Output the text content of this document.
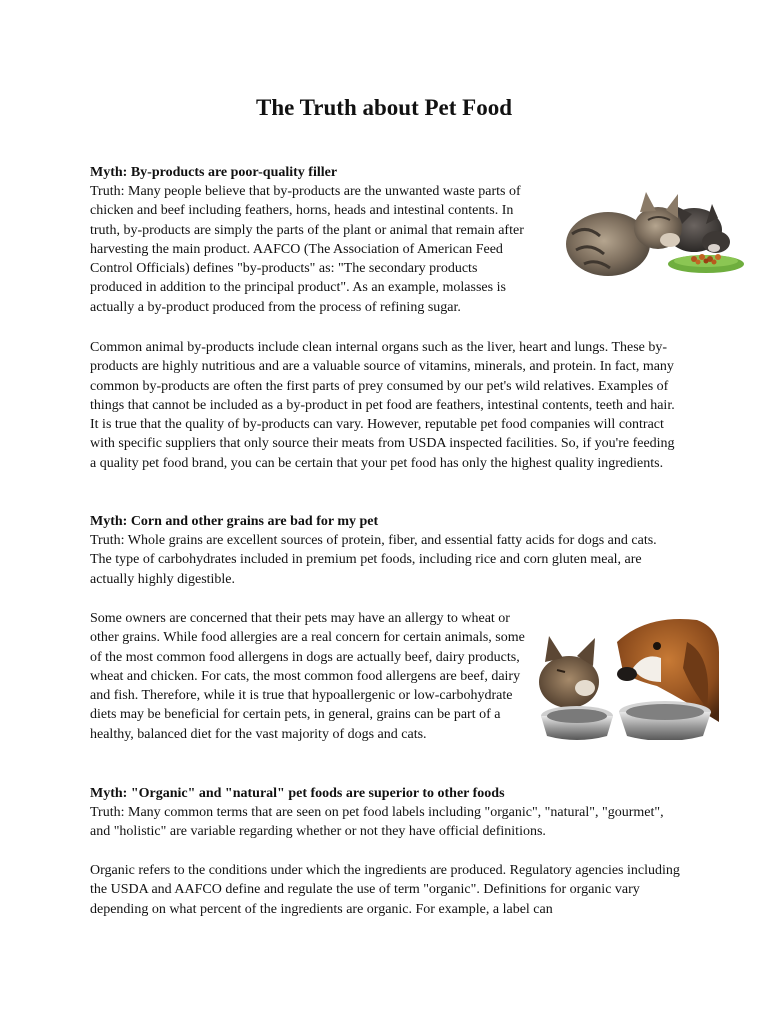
The Truth about Pet Food
Myth: By-products are poor-quality filler

Truth: Many people believe that by-products are the unwanted waste parts of chicken and beef including feathers, horns, heads and intestinal contents. In truth, by-products are simply the parts of the plant or animal that remain after harvesting the main product. AAFCO (The Association of American Feed Control Officials) defines "by-products" as: "The secondary products produced in addition to the principal product". As an example, molasses is actually a by-product produced from the process of refining sugar.

Common animal by-products include clean internal organs such as the liver, heart and lungs. These by-products are highly nutritious and are a valuable source of vitamins, minerals, and protein. In fact, many common by-products are often the first parts of prey consumed by our pet's wild relatives. Examples of things that cannot be included as a by-product in pet food are feathers, intestinal contents, teeth and hair. It is true that the quality of by-products can vary. However, reputable pet food companies will contract with specific suppliers that only source their meats from USDA inspected facilities. So, if you're feeding a quality pet food brand, you can be certain that your pet food has only the highest quality ingredients.

Myth: Corn and other grains are bad for my pet

Truth: Whole grains are excellent sources of protein, fiber, and essential fatty acids for dogs and cats. The type of carbohydrates included in premium pet foods, including rice and corn gluten meal, are actually highly digestible.

Some owners are concerned that their pets may have an allergy to wheat or other grains. While food allergies are a real concern for certain animals, some of the most common food allergens in dogs are actually beef, dairy products, wheat and chicken. For cats, the most common food allergens are beef, dairy and fish. Therefore, while it is true that hypoallergenic or low-carbohydrate diets may be beneficial for certain pets, in general, grains can be part of a healthy, balanced diet for the vast majority of dogs and cats.

Myth: "Organic" and "natural" pet foods are superior to other foods

Truth: Many common terms that are seen on pet food labels including "organic", "natural", "gourmet", and "holistic" are variable regarding whether or not they have official definitions.

Organic refers to the conditions under which the ingredients are produced. Regulatory agencies including the USDA and AAFCO define and regulate the use of term "organic". Definitions for organic vary depending on what percent of the ingredients are organic. For example, a label can
